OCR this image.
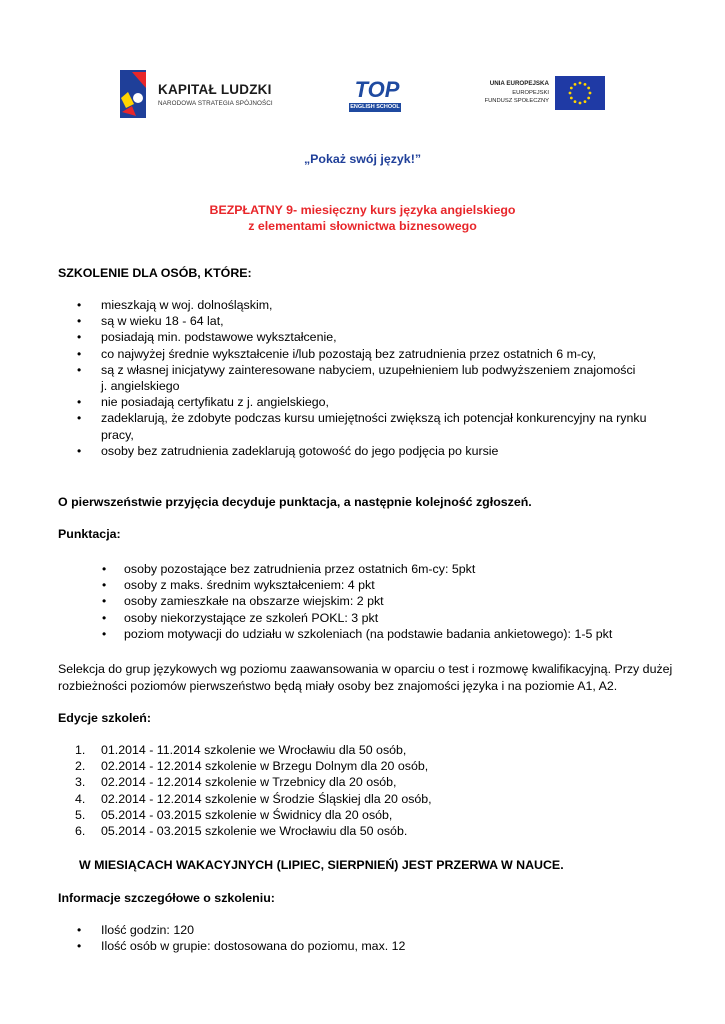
KAPITAŁ LUDZKI
NARODOWA STRATEGIA SPÓJNOŚCI
TOP
ENGLISH SCHOOL
UNIA EUROPEJSKA
EUROPEJSKI
FUNDUSZ SPOŁECZNY
„Pokaż swój język!”
BEZPŁATNY 9- miesięczny kurs języka angielskiego
z elementami słownictwa biznesowego
SZKOLENIE DLA OSÓB, KTÓRE:
• mieszkają w woj. dolnośląskim,
• są w wieku 18 - 64 lat,
• posiadają min. podstawowe wykształcenie,
• co najwyżej średnie wykształcenie i/lub pozostają bez zatrudnienia przez ostatnich 6 m-cy,
• są z własnej inicjatywy zainteresowane nabyciem, uzupełnieniem lub podwyższeniem znajomości
j. angielskiego
• nie posiadają certyfikatu z j. angielskiego,
• zadeklarują, że zdobyte podczas kursu umiejętności zwiększą ich potencjał konkurencyjny na rynku
pracy,
• osoby bez zatrudnienia zadeklarują gotowość do jego podjęcia po kursie
O pierwszeństwie przyjęcia decyduje punktacja, a następnie kolejność zgłoszeń.
Punktacja:
• osoby pozostające bez zatrudnienia przez ostatnich 6m-cy: 5pkt
• osoby z maks. średnim wykształceniem: 4 pkt
• osoby zamieszkałe na obszarze wiejskim: 2 pkt
• osoby niekorzystające ze szkoleń POKL: 3 pkt
• poziom motywacji do udziału w szkoleniach (na podstawie badania ankietowego): 1-5 pkt
Selekcja do grup językowych wg poziomu zaawansowania w oparciu o test i rozmowę kwalifikacyjną. Przy dużej
rozbieżności poziomów pierwszeństwo będą miały osoby bez znajomości języka i na poziomie A1, A2.
Edycje szkoleń:
1. 01.2014 - 11.2014 szkolenie we Wrocławiu dla 50 osób,
2. 02.2014 - 12.2014 szkolenie w Brzegu Dolnym dla 20 osób,
3. 02.2014 - 12.2014 szkolenie w Trzebnicy dla 20 osób,
4. 02.2014 - 12.2014 szkolenie w Środzie Śląskiej dla 20 osób,
5. 05.2014 - 03.2015 szkolenie w Świdnicy dla 20 osób,
6. 05.2014 - 03.2015 szkolenie we Wrocławiu dla 50 osób.
W MIESIĄCACH WAKACYJNYCH (LIPIEC, SIERPNIEŃ) JEST PRZERWA W NAUCE.
Informacje szczegółowe o szkoleniu:
• Ilość godzin: 120
• Ilość osób w grupie: dostosowana do poziomu, max. 12
